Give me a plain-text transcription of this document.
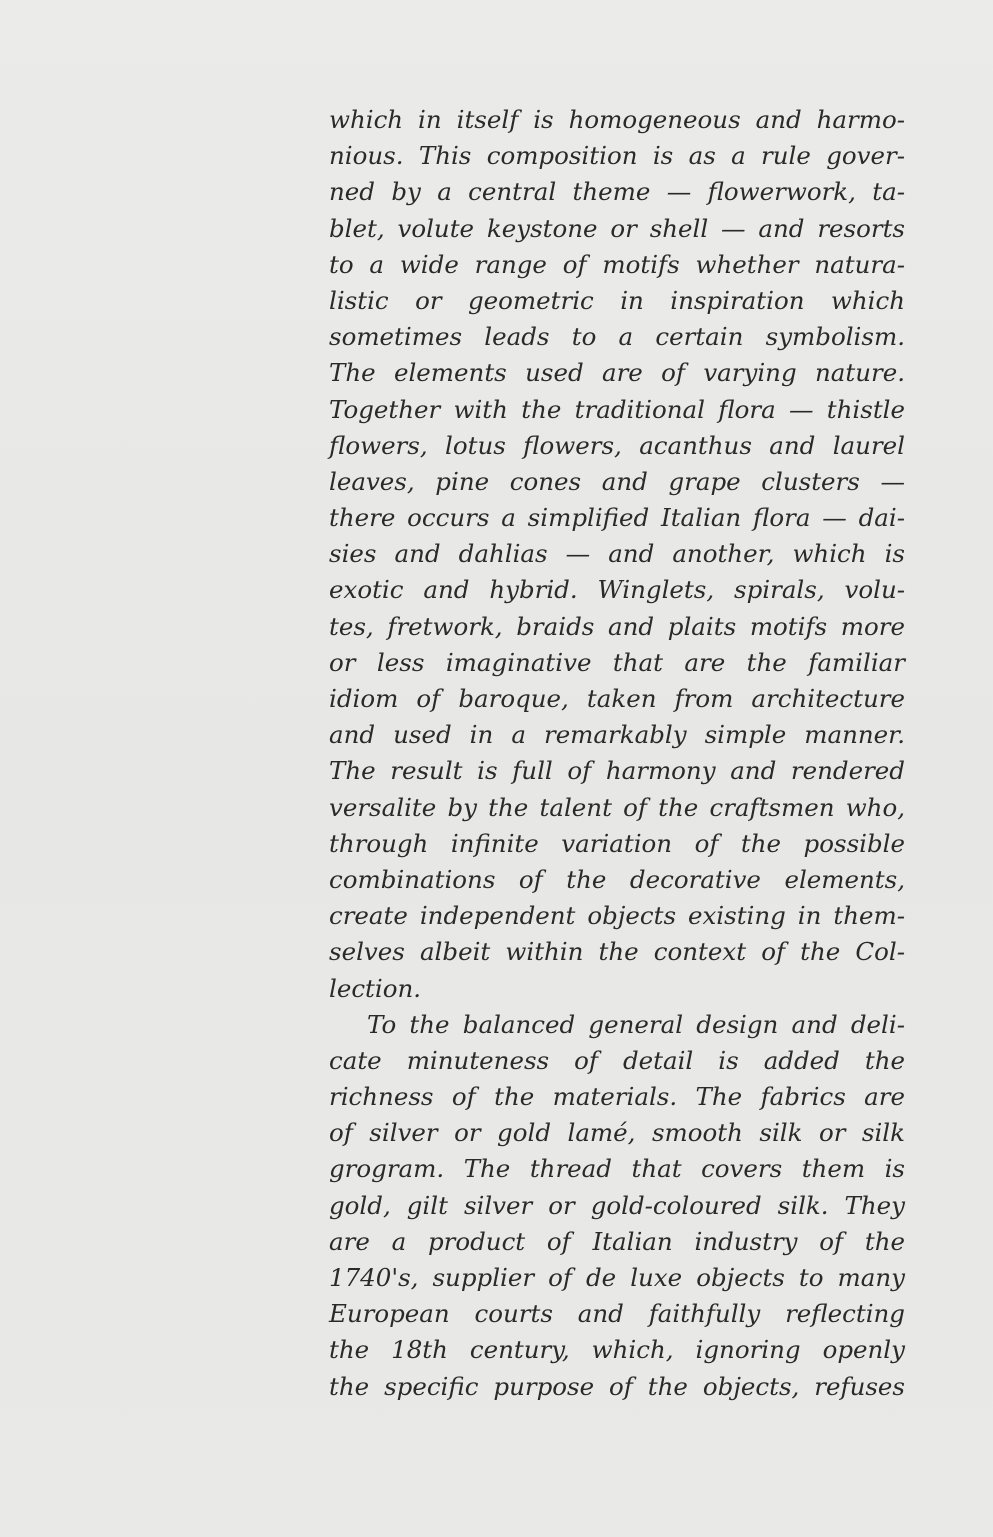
which in itself is homogeneous and harmo-
nious. This composition is as a rule gover-
ned by a central theme — flowerwork, ta-
blet, volute keystone or shell — and resorts
to a wide range of motifs whether natura-
listic or geometric in inspiration which
sometimes leads to a certain symbolism.
The elements used are of varying nature.
Together with the traditional flora — thistle
flowers, lotus flowers, acanthus and laurel
leaves, pine cones and grape clusters —
there occurs a simplified Italian flora — dai-
sies and dahlias — and another, which is
exotic and hybrid. Winglets, spirals, volu-
tes, fretwork, braids and plaits motifs more
or less imaginative that are the familiar
idiom of baroque, taken from architecture
and used in a remarkably simple manner.
The result is full of harmony and rendered
versalite by the talent of the craftsmen who,
through infinite variation of the possible
combinations of the decorative elements,
create independent objects existing in them-
selves albeit within the context of the Col-
lection.
To the balanced general design and deli-
cate minuteness of detail is added the
richness of the materials. The fabrics are
of silver or gold lamé, smooth silk or silk
grogram. The thread that covers them is
gold, gilt silver or gold-coloured silk. They
are a product of Italian industry of the
1740's, supplier of de luxe objects to many
European courts and faithfully reflecting
the 18th century, which, ignoring openly
the specific purpose of the objects, refuses
